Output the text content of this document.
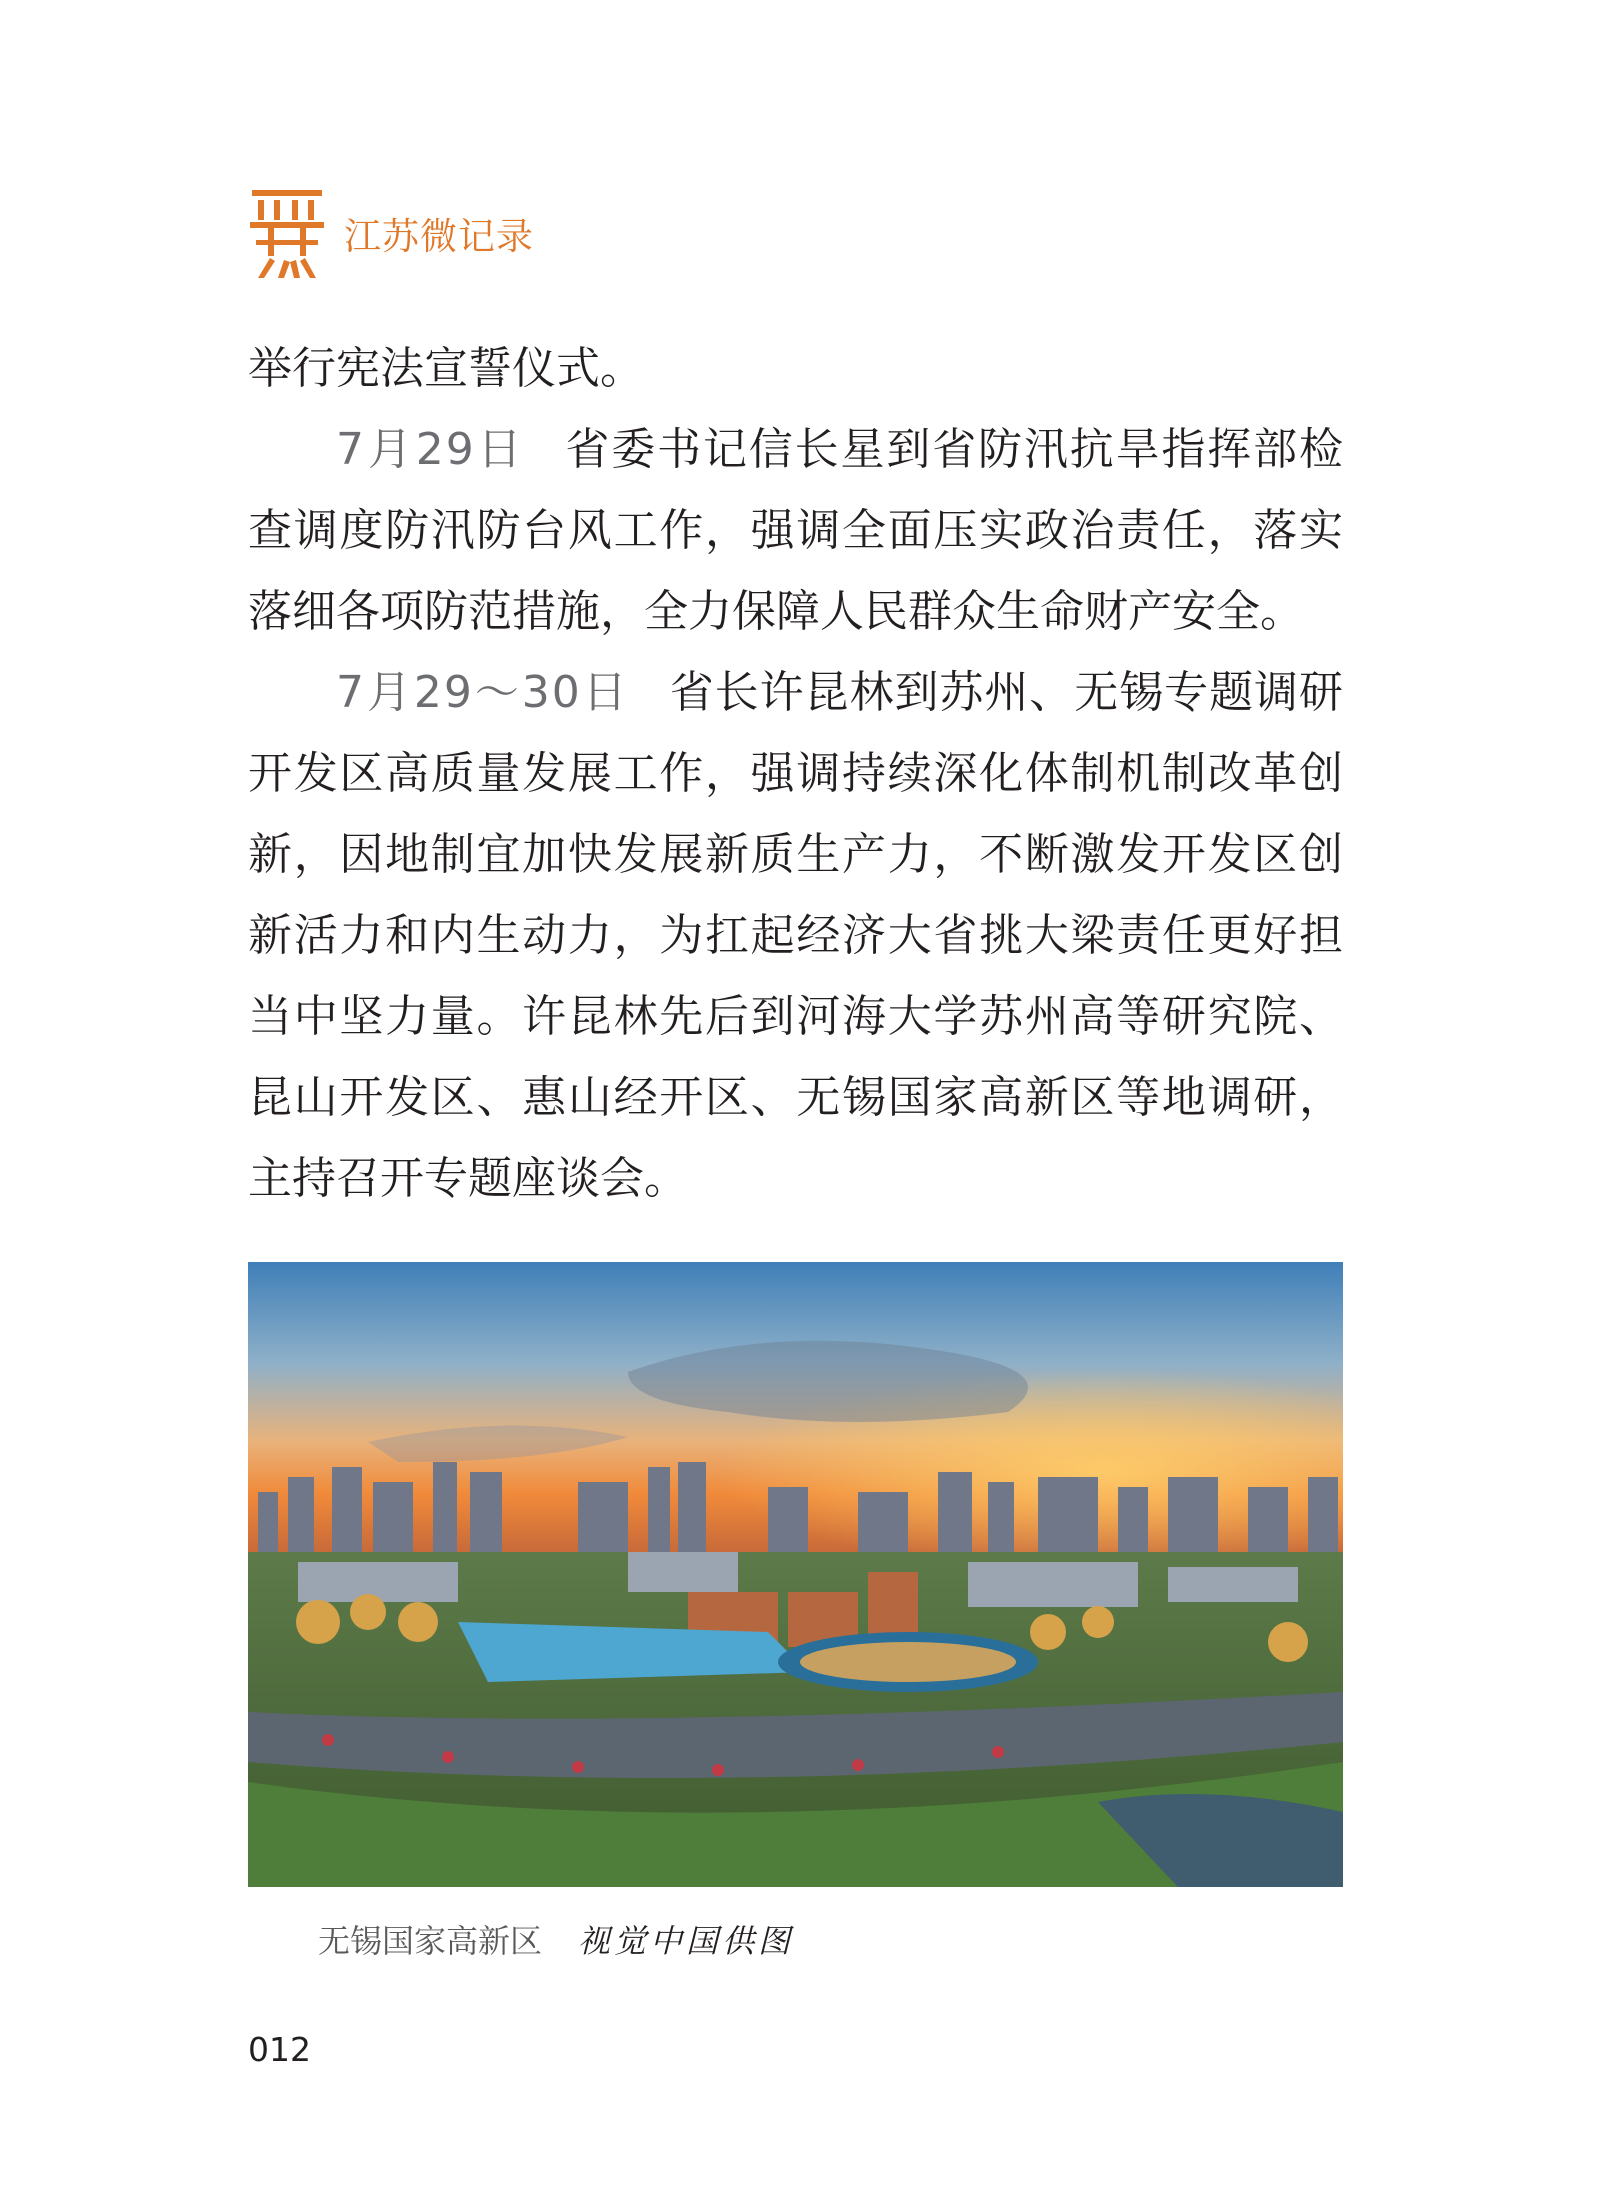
江苏微记录

举行宪法宣誓仪式。

7月29日 省委书记信长星到省防汛抗旱指挥部检查调度防汛防台风工作，强调全面压实政治责任，落实落细各项防范措施，全力保障人民群众生命财产安全。

7月29～30日 省长许昆林到苏州、无锡专题调研开发区高质量发展工作，强调持续深化体制机制改革创新，因地制宜加快发展新质生产力，不断激发开发区创新活力和内生动力，为扛起经济大省挑大梁责任更好担当中坚力量。许昆林先后到河海大学苏州高等研究院、昆山开发区、惠山经开区、无锡国家高新区等地调研，主持召开专题座谈会。

无锡国家高新区 视觉中国供图
012
